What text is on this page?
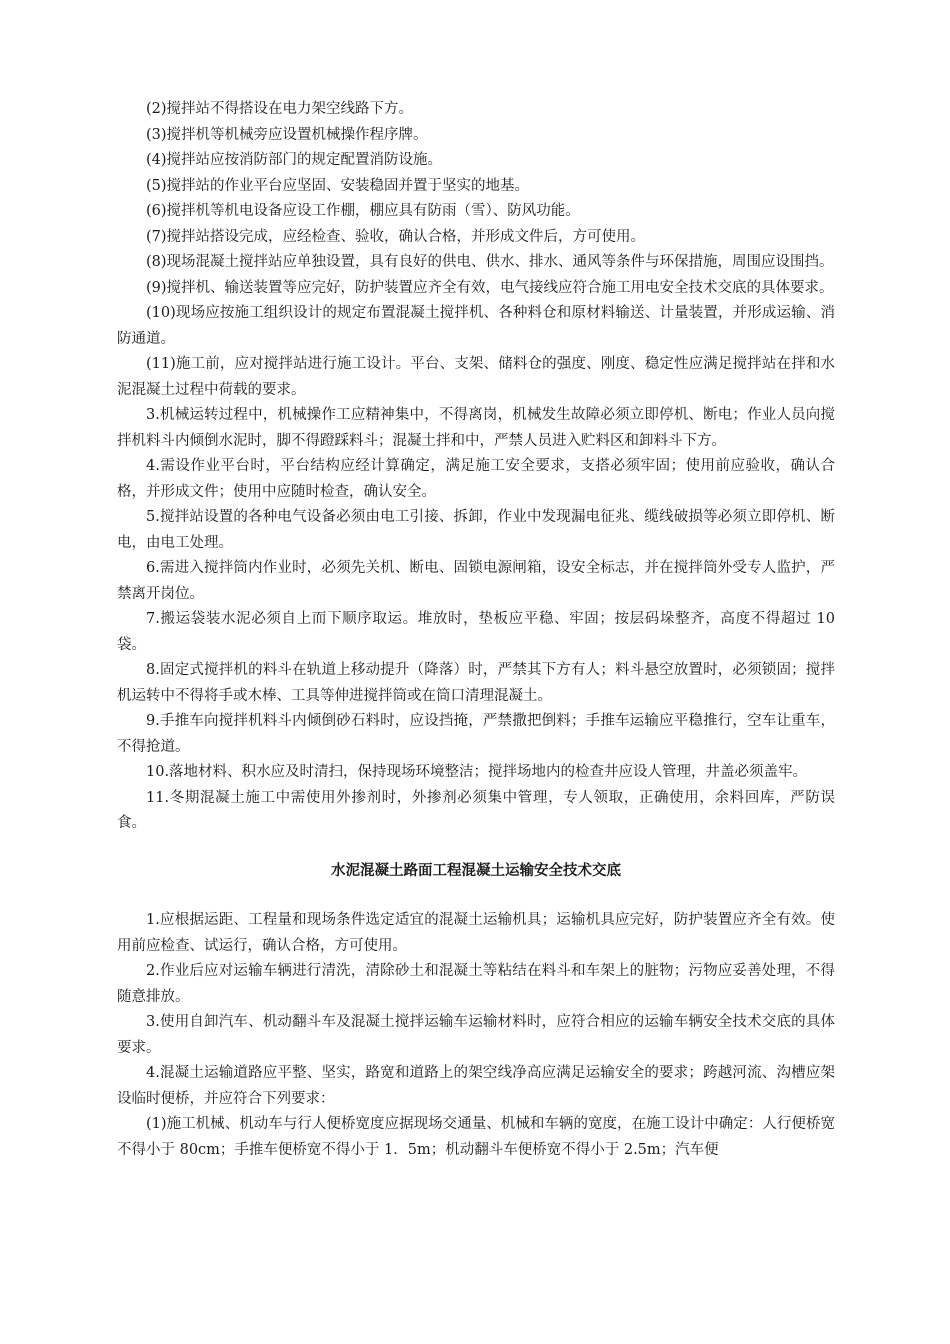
(2)搅拌站不得搭设在电力架空线路下方。

(3)搅拌机等机械旁应设置机械操作程序牌。

(4)搅拌站应按消防部门的规定配置消防设施。

(5)搅拌站的作业平台应坚固、安装稳固并置于坚实的地基。

(6)搅拌机等机电设备应设工作棚，棚应具有防雨（雪）、防风功能。

(7)搅拌站搭设完成，应经检查、验收，确认合格，并形成文件后，方可使用。

(8)现场混凝土搅拌站应单独设置，具有良好的供电、供水、排水、通风等条件与环保措施，周围应设围挡。

(9)搅拌机、输送装置等应完好，防护装置应齐全有效，电气接线应符合施工用电安全技术交底的具体要求。

(10)现场应按施工组织设计的规定布置混凝土搅拌机、各种料仓和原材料输送、计量装置，并形成运输、消防通道。

(11)施工前，应对搅拌站进行施工设计。平台、支架、储料仓的强度、刚度、稳定性应满足搅拌站在拌和水泥混凝土过程中荷载的要求。

3.机械运转过程中，机械操作工应精神集中，不得离岗，机械发生故障必须立即停机、断电；作业人员向搅拌机料斗内倾倒水泥时，脚不得蹬踩料斗；混凝土拌和中，严禁人员进入贮料区和卸料斗下方。

4.需设作业平台时，平台结构应经计算确定，满足施工安全要求，支搭必须牢固；使用前应验收，确认合格，并形成文件；使用中应随时检查，确认安全。

5.搅拌站设置的各种电气设备必须由电工引接、拆卸，作业中发现漏电征兆、缆线破损等必须立即停机、断电，由电工处理。

6.需进入搅拌筒内作业时，必须先关机、断电、固锁电源闸箱，设安全标志，并在搅拌筒外受专人监护，严禁离开岗位。

7.搬运袋装水泥必须自上而下顺序取运。堆放时，垫板应平稳、牢固；按层码垛整齐，高度不得超过 10 袋。

8.固定式搅拌机的料斗在轨道上移动提升（降落）时，严禁其下方有人；料斗悬空放置时，必须锁固；搅拌机运转中不得将手或木棒、工具等伸进搅拌筒或在筒口清理混凝土。

9.手推车向搅拌机料斗内倾倒砂石料时，应设挡掩，严禁撒把倒料；手推车运输应平稳推行，空车让重车，不得抢道。

10.落地材料、积水应及时清扫，保持现场环境整洁；搅拌场地内的检查井应设人管理，井盖必须盖牢。

11.冬期混凝土施工中需使用外掺剂时，外掺剂必须集中管理，专人领取，正确使用，余料回库，严防误食。

水泥混凝土路面工程混凝土运输安全技术交底

1.应根据运距、工程量和现场条件选定适宜的混凝土运输机具；运输机具应完好，防护装置应齐全有效。使用前应检查、试运行，确认合格，方可使用。

2.作业后应对运输车辆进行清洗，清除砂土和混凝土等粘结在料斗和车架上的脏物；污物应妥善处理，不得随意排放。

3.使用自卸汽车、机动翻斗车及混凝土搅拌运输车运输材料时，应符合相应的运输车辆安全技术交底的具体要求。

4.混凝土运输道路应平整、坚实，路宽和道路上的架空线净高应满足运输安全的要求；跨越河流、沟槽应架设临时便桥，并应符合下列要求：

(1)施工机械、机动车与行人便桥宽度应据现场交通量、机械和车辆的宽度，在施工设计中确定：人行便桥宽不得小于 80cm；手推车便桥宽不得小于 1．5m；机动翻斗车便桥宽不得小于 2.5m；汽车便
